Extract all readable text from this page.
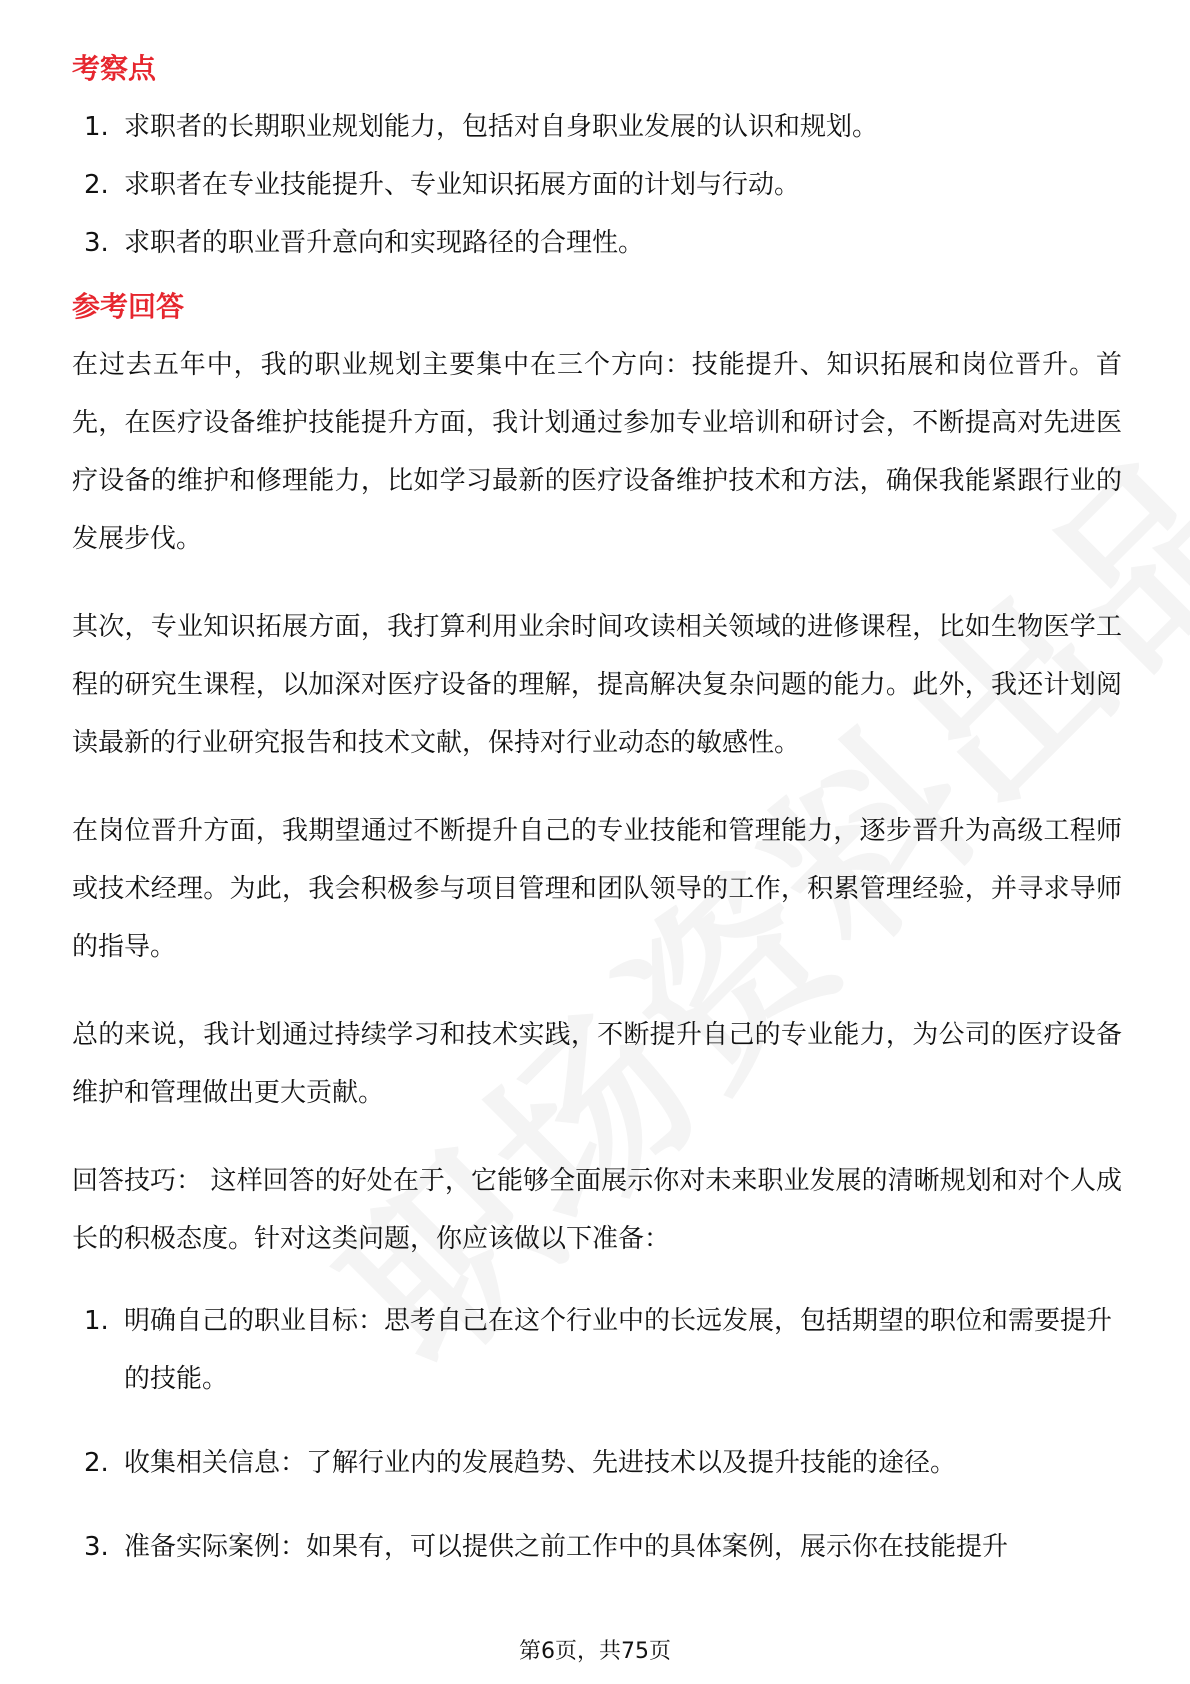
考察点
1. 求职者的长期职业规划能力，包括对自身职业发展的认识和规划。
2. 求职者在专业技能提升、专业知识拓展方面的计划与行动。
3. 求职者的职业晋升意向和实现路径的合理性。
参考回答

在过去五年中，我的职业规划主要集中在三个方向：技能提升、知识拓展和岗位晋升。首先，在医疗设备维护技能提升方面，我计划通过参加专业培训和研讨会，不断提高对先进医疗设备的维护和修理能力，比如学习最新的医疗设备维护技术和方法，确保我能紧跟行业的发展步伐。

其次，专业知识拓展方面，我打算利用业余时间攻读相关领域的进修课程，比如生物医学工程的研究生课程，以加深对医疗设备的理解，提高解决复杂问题的能力。此外，我还计划阅读最新的行业研究报告和技术文献，保持对行业动态的敏感性。

在岗位晋升方面，我期望通过不断提升自己的专业技能和管理能力，逐步晋升为高级工程师或技术经理。为此，我会积极参与项目管理和团队领导的工作，积累管理经验，并寻求导师的指导。

总的来说，我计划通过持续学习和技术实践，不断提升自己的专业能力，为公司的医疗设备维护和管理做出更大贡献。

回答技巧： 这样回答的好处在于，它能够全面展示你对未来职业发展的清晰规划和对个人成长的积极态度。针对这类问题，你应该做以下准备：

1. 明确自己的职业目标：思考自己在这个行业中的长远发展，包括期望的职位和需要提升的技能。
2. 收集相关信息：了解行业内的发展趋势、先进技术以及提升技能的途径。
3. 准备实际案例：如果有，可以提供之前工作中的具体案例，展示你在技能提升
第6页，共75页
